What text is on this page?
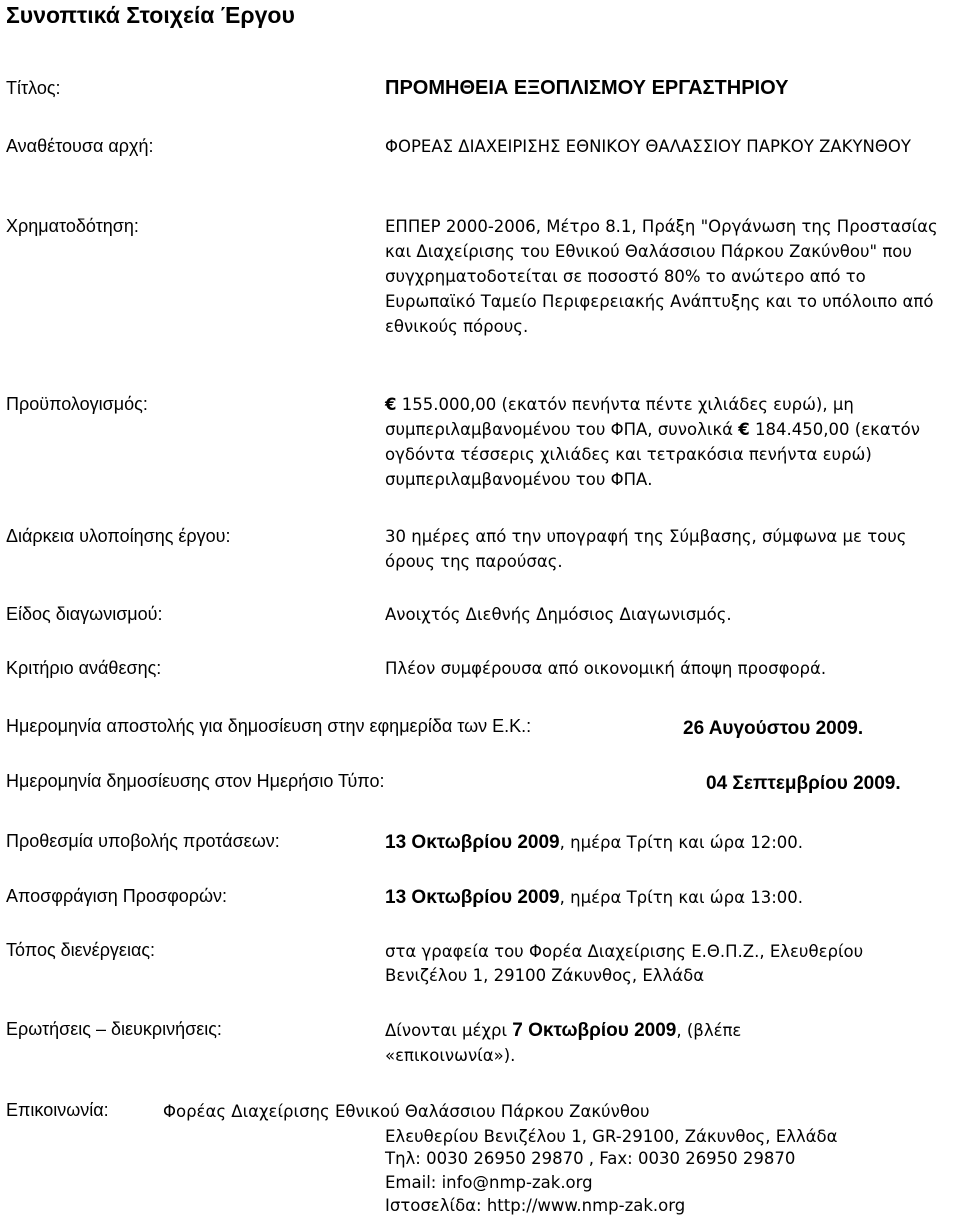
Συνοπτικά Στοιχεία Έργου
Τίτλος:	ΠΡΟΜΗΘΕΙΑ ΕΞΟΠΛΙΣΜΟΥ ΕΡΓΑΣΤΗΡΙΟΥ
Αναθέτουσα αρχή:	ΦΟΡΕΑΣ ΔΙΑΧΕΙΡΙΣΗΣ ΕΘΝΙΚΟΥ ΘΑΛΑΣΣΙΟΥ ΠΑΡΚΟΥ ΖΑΚΥΝΘΟΥ
Χρηματοδότηση:	ΕΠΠΕΡ 2000-2006, Μέτρο 8.1, Πράξη "Οργάνωση της Προστασίας και Διαχείρισης του Εθνικού Θαλάσσιου Πάρκου Ζακύνθου" που συγχρηματοδοτείται σε ποσοστό 80% το ανώτερο από το Ευρωπαϊκό Ταμείο Περιφερειακής Ανάπτυξης και το υπόλοιπο από εθνικούς πόρους.
Προϋπολογισμός:	€ 155.000,00 (εκατόν πενήντα πέντε χιλιάδες ευρώ), μη συμπεριλαμβανομένου του ΦΠΑ, συνολικά € 184.450,00 (εκατόν ογδόντα τέσσερις χιλιάδες και τετρακόσια πενήντα ευρώ) συμπεριλαμβανομένου του ΦΠΑ.
Διάρκεια υλοποίησης έργου:	30 ημέρες από την υπογραφή της Σύμβασης, σύμφωνα με τους όρους της παρούσας.
Είδος διαγωνισμού:	Ανοιχτός Διεθνής Δημόσιος Διαγωνισμός.
Κριτήριο ανάθεσης:	Πλέον συμφέρουσα από οικονομική άποψη προσφορά.
Ημερομηνία αποστολής για δημοσίευση στην εφημερίδα των Ε.Κ.:	26 Αυγούστου 2009.
Ημερομηνία δημοσίευσης στον Ημερήσιο Τύπο:	04 Σεπτεμβρίου 2009.
Προθεσμία υποβολής προτάσεων:	13 Οκτωβρίου 2009, ημέρα Τρίτη και ώρα 12:00.
Αποσφράγιση Προσφορών:	13 Οκτωβρίου 2009, ημέρα Τρίτη και ώρα 13:00.
Τόπος διενέργειας:	στα γραφεία του Φορέα Διαχείρισης Ε.Θ.Π.Ζ., Ελευθερίου
Βενιζέλου 1, 29100 Ζάκυνθος, Ελλάδα
Ερωτήσεις – διευκρινήσεις:	Δίνονται μέχρι 7 Οκτωβρίου 2009, (βλέπε
«επικοινωνία»).
Επικοινωνία:	Φορέας Διαχείρισης Εθνικού Θαλάσσιου Πάρκου Ζακύνθου
Ελευθερίου Βενιζέλου 1, GR-29100, Ζάκυνθος, Ελλάδα
Τηλ: 0030 26950 29870 , Fax: 0030 26950 29870
Email: info@nmp-zak.org
Ιστοσελίδα: http://www.nmp-zak.org
